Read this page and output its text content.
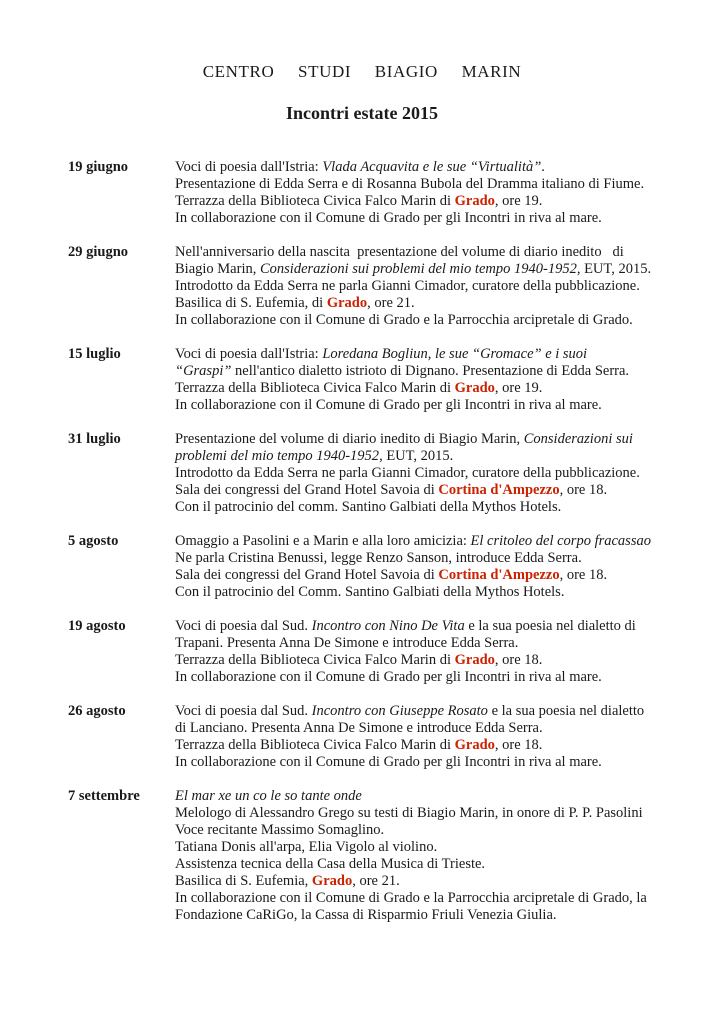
CENTRO  STUDI  BIAGIO  MARIN
Incontri estate 2015
19 giugno	Voci di poesia dall'Istria: Vlada Acquavita e le sue “Virtualità”.
Presentazione di Edda Serra e di Rosanna Bubola del Dramma italiano di Fiume.
Terrazza della Biblioteca Civica Falco Marin di Grado, ore 19.
In collaborazione con il Comune di Grado per gli Incontri in riva al mare.
29 giugno	Nell'anniversario della nascita  presentazione del volume di diario inedito   di
Biagio Marin, Considerazioni sui problemi del mio tempo 1940-1952, EUT, 2015.
Introdotto da Edda Serra ne parla Gianni Cimador, curatore della pubblicazione.
Basilica di S. Eufemia, di Grado, ore 21.
In collaborazione con il Comune di Grado e la Parrocchia arcipretale di Grado.
15 luglio	Voci di poesia dall'Istria: Loredana Bogliun, le sue “Gromace” e i suoi
“Graspi” nell'antico dialetto istrioto di Dignano. Presentazione di Edda Serra.
Terrazza della Biblioteca Civica Falco Marin di Grado, ore 19.
In collaborazione con il Comune di Grado per gli Incontri in riva al mare.
31 luglio	Presentazione del volume di diario inedito di Biagio Marin, Considerazioni sui
problemi del mio tempo 1940-1952, EUT, 2015.
Introdotto da Edda Serra ne parla Gianni Cimador, curatore della pubblicazione.
Sala dei congressi del Grand Hotel Savoia di Cortina d'Ampezzo, ore 18.
Con il patrocinio del comm. Santino Galbiati della Mythos Hotels.
5 agosto	Omaggio a Pasolini e a Marin e alla loro amicizia: El critoleo del corpo fracassao
Ne parla Cristina Benussi, legge Renzo Sanson, introduce Edda Serra.
Sala dei congressi del Grand Hotel Savoia di Cortina d'Ampezzo, ore 18.
Con il patrocinio del Comm. Santino Galbiati della Mythos Hotels.
19 agosto	Voci di poesia dal Sud. Incontro con Nino De Vita e la sua poesia nel dialetto di
Trapani. Presenta Anna De Simone e introduce Edda Serra.
Terrazza della Biblioteca Civica Falco Marin di Grado, ore 18.
In collaborazione con il Comune di Grado per gli Incontri in riva al mare.
26 agosto	Voci di poesia dal Sud. Incontro con Giuseppe Rosato e la sua poesia nel dialetto
di Lanciano. Presenta Anna De Simone e introduce Edda Serra.
Terrazza della Biblioteca Civica Falco Marin di Grado, ore 18.
In collaborazione con il Comune di Grado per gli Incontri in riva al mare.
7 settembre	El mar xe un co le so tante onde
Melologo di Alessandro Grego su testi di Biagio Marin, in onore di P. P. Pasolini
Voce recitante Massimo Somaglino.
Tatiana Donis all'arpa, Elia Vigolo al violino.
Assistenza tecnica della Casa della Musica di Trieste.
Basilica di S. Eufemia, Grado, ore 21.
In collaborazione con il Comune di Grado e la Parrocchia arcipretale di Grado, la
Fondazione CaRiGo, la Cassa di Risparmio Friuli Venezia Giulia.
